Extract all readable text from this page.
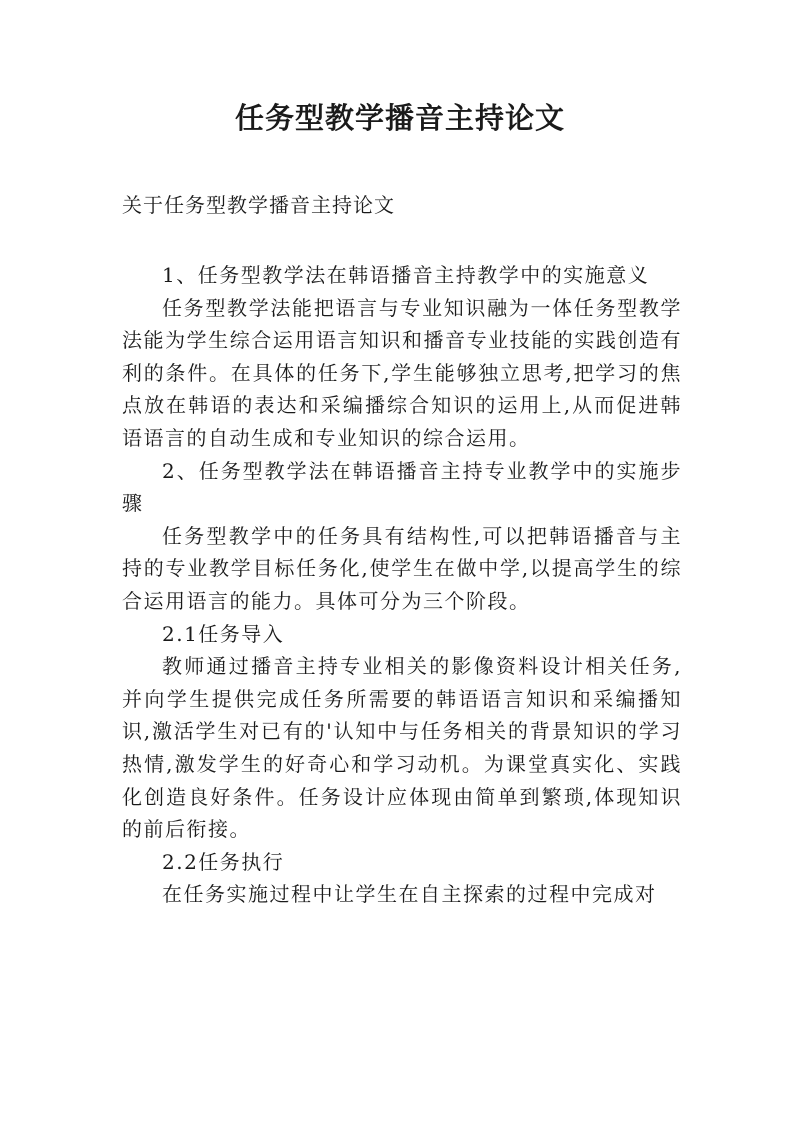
任务型教学播音主持论文
关于任务型教学播音主持论文

1、任务型教学法在韩语播音主持教学中的实施意义

任务型教学法能把语言与专业知识融为一体任务型教学法能为学生综合运用语言知识和播音专业技能的实践创造有利的条件。在具体的任务下,学生能够独立思考,把学习的焦点放在韩语的表达和采编播综合知识的运用上,从而促进韩语语言的自动生成和专业知识的综合运用。

2、任务型教学法在韩语播音主持专业教学中的实施步骤

任务型教学中的任务具有结构性,可以把韩语播音与主持的专业教学目标任务化,使学生在做中学,以提高学生的综合运用语言的能力。具体可分为三个阶段。

2.1任务导入

教师通过播音主持专业相关的影像资料设计相关任务,并向学生提供完成任务所需要的韩语语言知识和采编播知识,激活学生对已有的'认知中与任务相关的背景知识的学习热情,激发学生的好奇心和学习动机。为课堂真实化、实践化创造良好条件。任务设计应体现由简单到繁琐,体现知识的前后衔接。

2.2任务执行

在任务实施过程中让学生在自主探索的过程中完成对
